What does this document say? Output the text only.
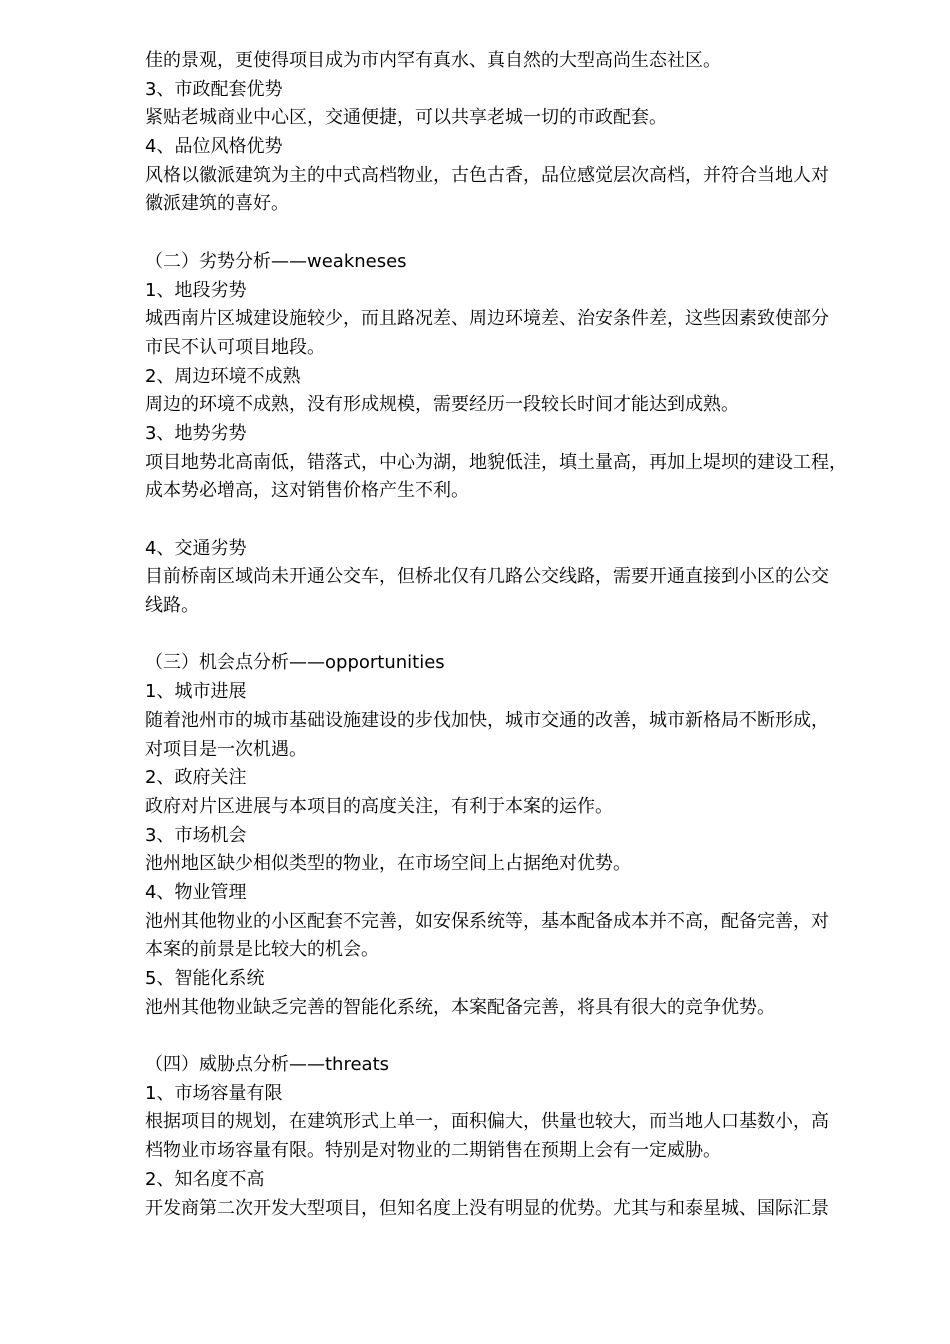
佳的景观，更使得项目成为市内罕有真水、真自然的大型高尚生态社区。
3、市政配套优势
紧贴老城商业中心区，交通便捷，可以共享老城一切的市政配套。
4、品位风格优势
风格以徽派建筑为主的中式高档物业，古色古香，品位感觉层次高档，并符合当地人对
徽派建筑的喜好。
（二）劣势分析——weakneses
1、地段劣势
城西南片区城建设施较少，而且路况差、周边环境差、治安条件差，这些因素致使部分
市民不认可项目地段。
2、周边环境不成熟
周边的环境不成熟，没有形成规模，需要经历一段较长时间才能达到成熟。
3、地势劣势
项目地势北高南低，错落式，中心为湖，地貌低洼，填土量高，再加上堤坝的建设工程，
成本势必增高，这对销售价格产生不利。
4、交通劣势
目前桥南区域尚未开通公交车，但桥北仅有几路公交线路，需要开通直接到小区的公交
线路。
（三）机会点分析——opportunities
1、城市进展
随着池州市的城市基础设施建设的步伐加快，城市交通的改善，城市新格局不断形成，
对项目是一次机遇。
2、政府关注
政府对片区进展与本项目的高度关注，有利于本案的运作。
3、市场机会
池州地区缺少相似类型的物业，在市场空间上占据绝对优势。
4、物业管理
池州其他物业的小区配套不完善，如安保系统等，基本配备成本并不高，配备完善，对
本案的前景是比较大的机会。
5、智能化系统
池州其他物业缺乏完善的智能化系统，本案配备完善，将具有很大的竞争优势。
（四）威胁点分析——threats
1、市场容量有限
根据项目的规划，在建筑形式上单一，面积偏大，供量也较大，而当地人口基数小，高
档物业市场容量有限。特别是对物业的二期销售在预期上会有一定威胁。
2、知名度不高
开发商第二次开发大型项目，但知名度上没有明显的优势。尤其与和泰星城、国际汇景
